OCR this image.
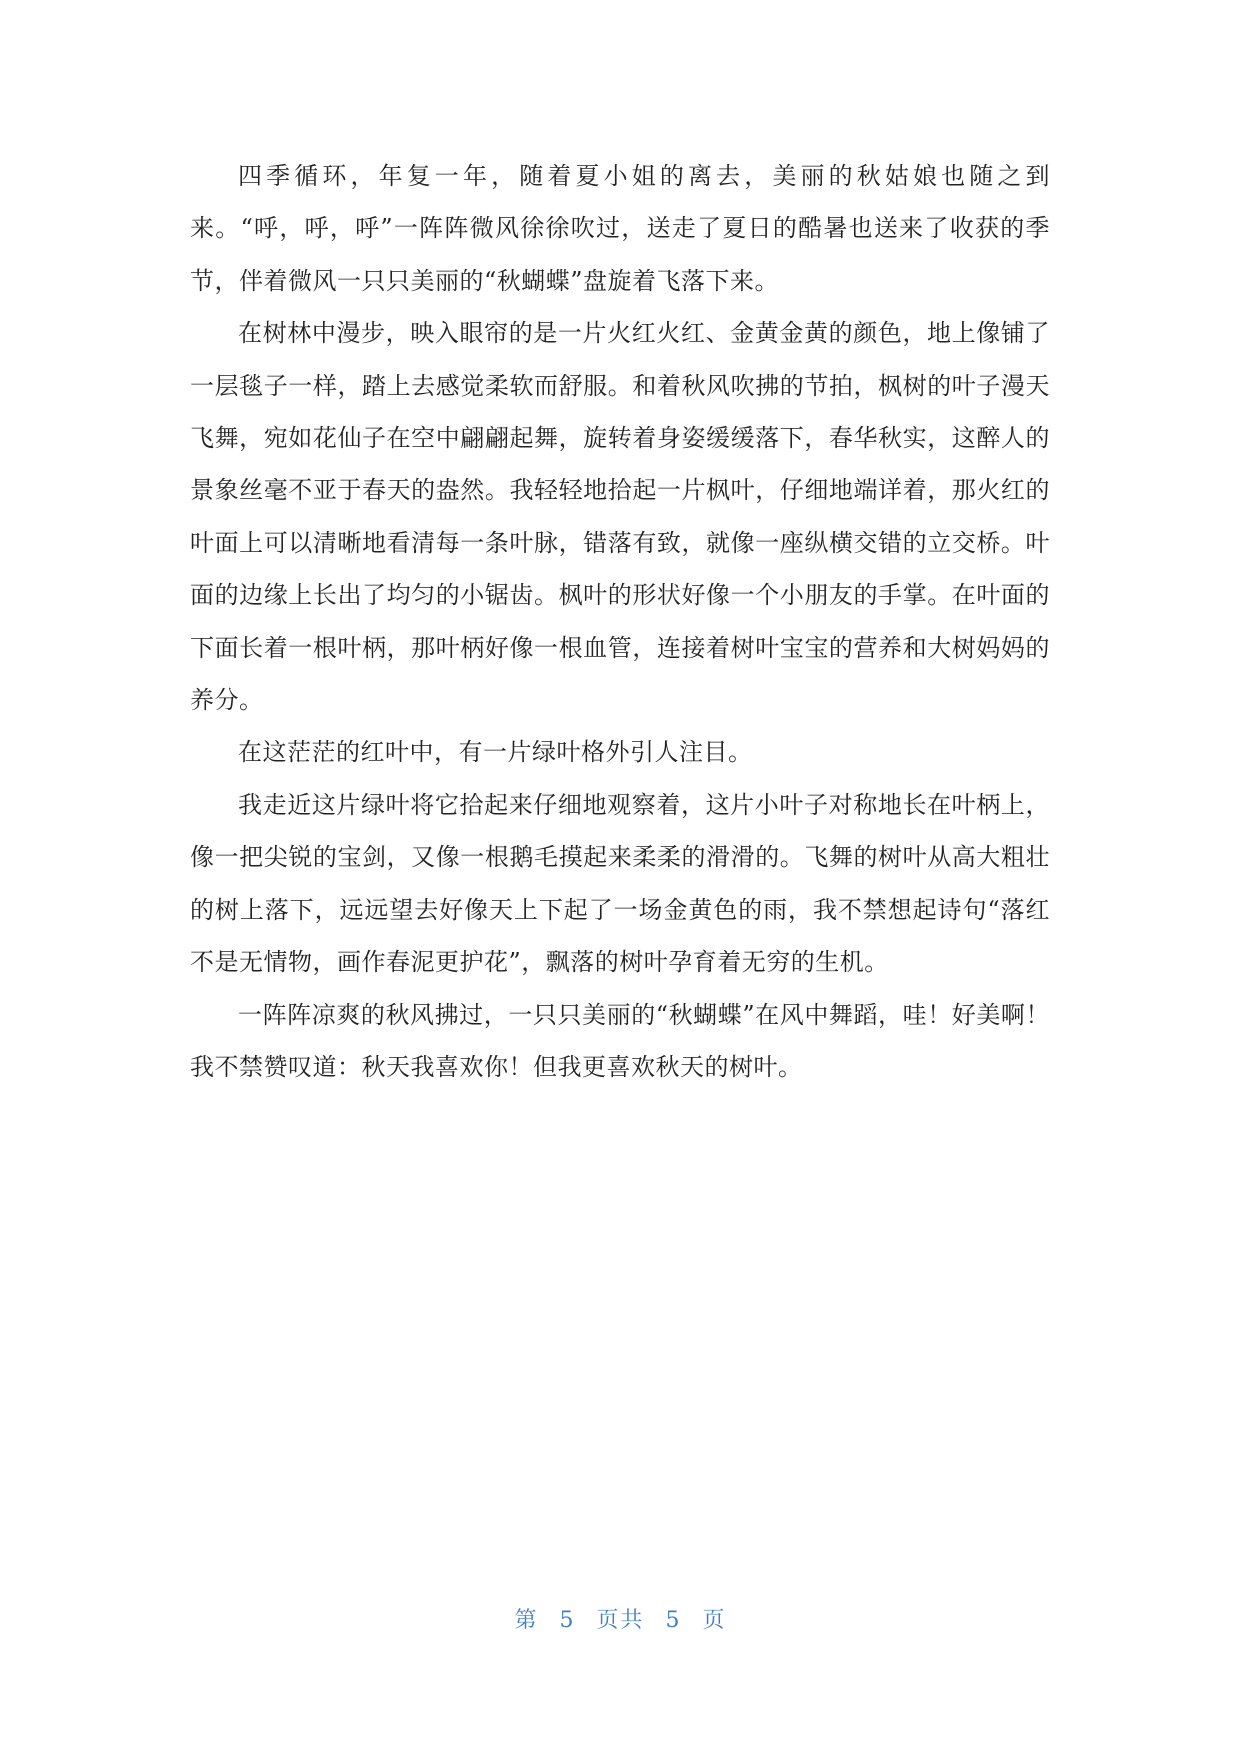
四季循环，年复一年，随着夏小姐的离去，美丽的秋姑娘也随之到来。“呼，呼，呼”一阵阵微风徐徐吹过，送走了夏日的酷暑也送来了收获的季节，伴着微风一只只美丽的“秋蝴蝶”盘旋着飞落下来。

在树林中漫步，映入眼帘的是一片火红火红、金黄金黄的颜色，地上像铺了一层毯子一样，踏上去感觉柔软而舒服。和着秋风吹拂的节拍，枫树的叶子漫天飞舞，宛如花仙子在空中翩翩起舞，旋转着身姿缓缓落下，春华秋实，这醉人的景象丝毫不亚于春天的盎然。我轻轻地拾起一片枫叶，仔细地端详着，那火红的叶面上可以清晰地看清每一条叶脉，错落有致，就像一座纵横交错的立交桥。叶面的边缘上长出了均匀的小锯齿。枫叶的形状好像一个小朋友的手掌。在叶面的下面长着一根叶柄，那叶柄好像一根血管，连接着树叶宝宝的营养和大树妈妈的养分。

在这茫茫的红叶中，有一片绿叶格外引人注目。

我走近这片绿叶将它拾起来仔细地观察着，这片小叶子对称地长在叶柄上，像一把尖锐的宝剑，又像一根鹅毛摸起来柔柔的滑滑的。飞舞的树叶从高大粗壮的树上落下，远远望去好像天上下起了一场金黄色的雨，我不禁想起诗句“落红不是无情物，画作春泥更护花”，飘落的树叶孕育着无穷的生机。

一阵阵凉爽的秋风拂过，一只只美丽的“秋蝴蝶”在风中舞蹈，哇！好美啊！我不禁赞叹道：秋天我喜欢你！但我更喜欢秋天的树叶。

第 5 页共 5 页
